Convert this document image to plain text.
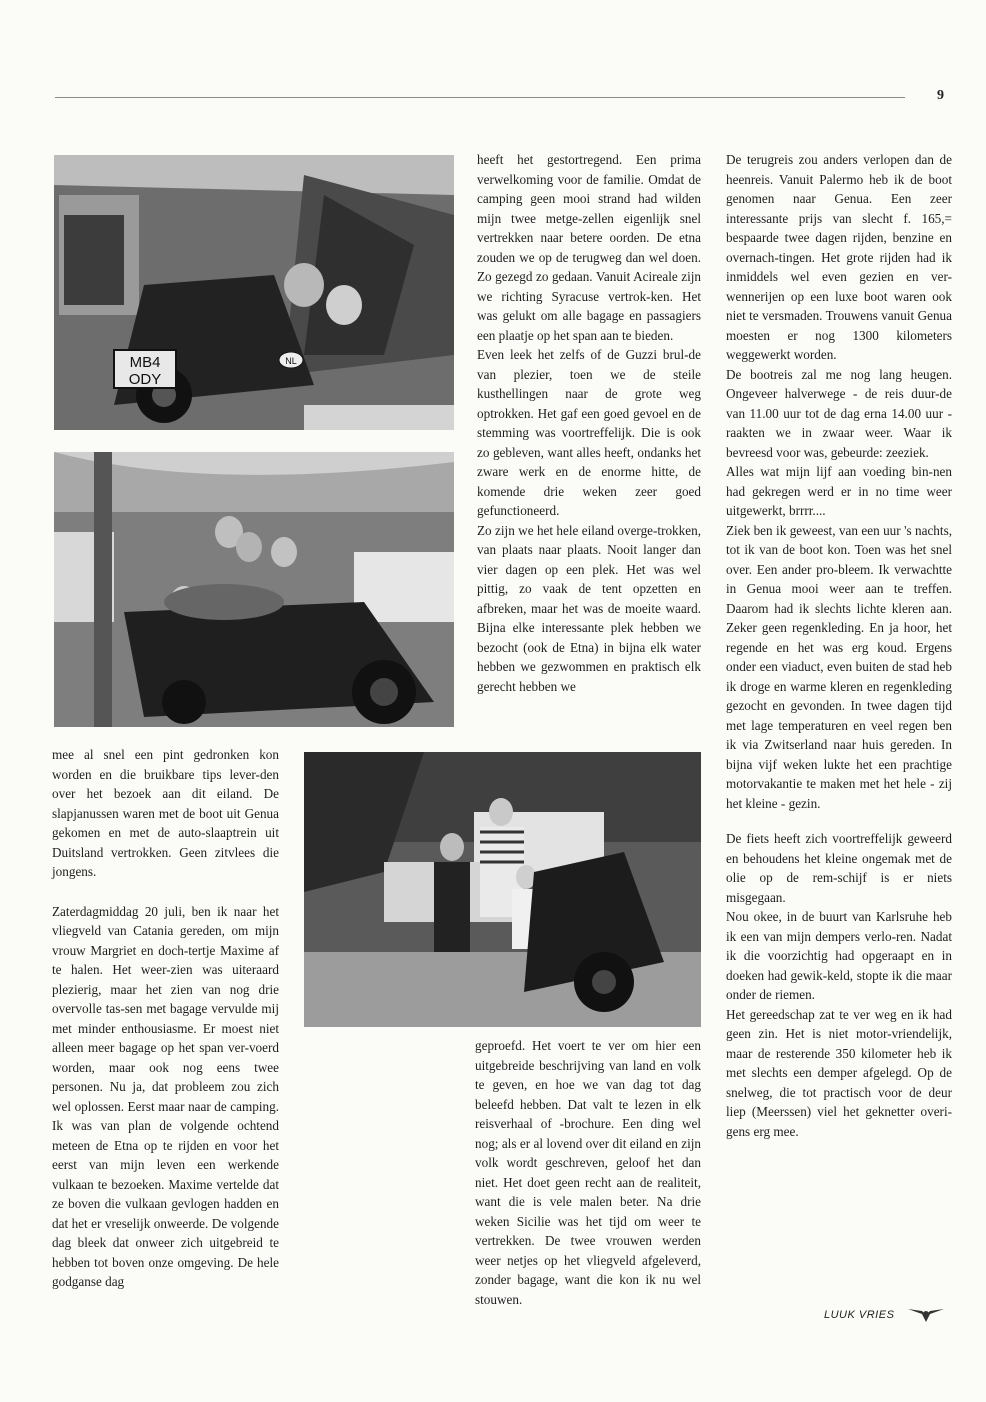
9
MB4
ODY
NL

mee al snel een pint gedronken kon worden en die bruikbare tips lever-den over het bezoek aan dit eiland. De slapjanussen waren met de boot uit Genua gekomen en met de auto-slaaptrein uit Duitsland vertrokken. Geen zitvlees die jongens.

Zaterdagmiddag 20 juli, ben ik naar het vliegveld van Catania gereden, om mijn vrouw Margriet en doch-tertje Maxime af te halen. Het weer-zien was uiteraard plezierig, maar het zien van nog drie overvolle tas-sen met bagage vervulde mij met minder enthousiasme. Er moest niet alleen meer bagage op het span ver-voerd worden, maar ook nog eens twee personen. Nu ja, dat probleem zou zich wel oplossen. Eerst maar naar de camping. Ik was van plan de volgende ochtend meteen de Etna op te rijden en voor het eerst van mijn leven een werkende vulkaan te bezoeken. Maxime vertelde dat ze boven die vulkaan gevlogen hadden en dat het er vreselijk onweerde. De volgende dag bleek dat onweer zich uitgebreid te hebben tot boven onze omgeving. De hele godganse dag

heeft het gestortregend. Een prima verwelkoming voor de familie. Omdat de camping geen mooi strand had wilden mijn twee metge-zellen eigenlijk snel vertrekken naar betere oorden. De etna zouden we op de terugweg dan wel doen. Zo gezegd zo gedaan. Vanuit Acireale zijn we richting Syracuse vertrok-ken. Het was gelukt om alle bagage en passagiers een plaatje op het span aan te bieden.

Even leek het zelfs of de Guzzi brul-de van plezier, toen we de steile kusthellingen naar de grote weg optrokken. Het gaf een goed gevoel en de stemming was voortreffelijk. Die is ook zo gebleven, want alles heeft, ondanks het zware werk en de enorme hitte, de komende drie weken zeer goed gefunctioneerd.

Zo zijn we het hele eiland overge-trokken, van plaats naar plaats. Nooit langer dan vier dagen op een plek. Het was wel pittig, zo vaak de tent opzetten en afbreken, maar het was de moeite waard. Bijna elke interessante plek hebben we bezocht (ook de Etna) in bijna elk water hebben we gezwommen en praktisch elk gerecht hebben we

geproefd. Het voert te ver om hier een uitgebreide beschrijving van land en volk te geven, en hoe we van dag tot dag beleefd hebben. Dat valt te lezen in elk reisverhaal of -brochure. Een ding wel nog; als er al lovend over dit eiland en zijn volk wordt geschreven, geloof het dan niet. Het doet geen recht aan de realiteit, want die is vele malen beter. Na drie weken Sicilie was het tijd om weer te vertrekken. De twee vrouwen werden weer netjes op het vliegveld afgeleverd, zonder bagage, want die kon ik nu wel stouwen.

De terugreis zou anders verlopen dan de heenreis. Vanuit Palermo heb ik de boot genomen naar Genua. Een zeer interessante prijs van slecht f. 165,= bespaarde twee dagen rijden, benzine en overnach-tingen. Het grote rijden had ik inmiddels wel even gezien en ver-wennerijen op een luxe boot waren ook niet te versmaden. Trouwens vanuit Genua moesten er nog 1300 kilometers weggewerkt worden.

De bootreis zal me nog lang heugen. Ongeveer halverwege - de reis duur-de van 11.00 uur tot de dag erna 14.00 uur - raakten we in zwaar weer. Waar ik bevreesd voor was, gebeurde: zeeziek.

Alles wat mijn lijf aan voeding bin-nen had gekregen werd er in no time weer uitgewerkt, brrrr....

Ziek ben ik geweest, van een uur 's nachts, tot ik van de boot kon. Toen was het snel over. Een ander pro-bleem. Ik verwachtte in Genua mooi weer aan te treffen. Daarom had ik slechts lichte kleren aan. Zeker geen regenkleding. En ja hoor, het regende en het was erg koud. Ergens onder een viaduct, even buiten de stad heb ik droge en warme kleren en regenkleding gezocht en gevonden. In twee dagen tijd met lage temperaturen en veel regen ben ik via Zwitserland naar huis gereden. In bijna vijf weken lukte het een prachtige motorvakantie te maken met het hele - zij het kleine - gezin.

De fiets heeft zich voortreffelijk geweerd en behoudens het kleine ongemak met de olie op de rem-schijf is er niets misgegaan.

Nou okee, in de buurt van Karlsruhe heb ik een van mijn dempers verlo-ren. Nadat ik die voorzichtig had opgeraapt en in doeken had gewik-keld, stopte ik die maar onder de riemen.

Het gereedschap zat te ver weg en ik had geen zin. Het is niet motor-vriendelijk, maar de resterende 350 kilometer heb ik met slechts een demper afgelegd. Op de snelweg, die tot practisch voor de deur liep (Meerssen) viel het geknetter overi-gens erg mee.

LUUK VRIES
